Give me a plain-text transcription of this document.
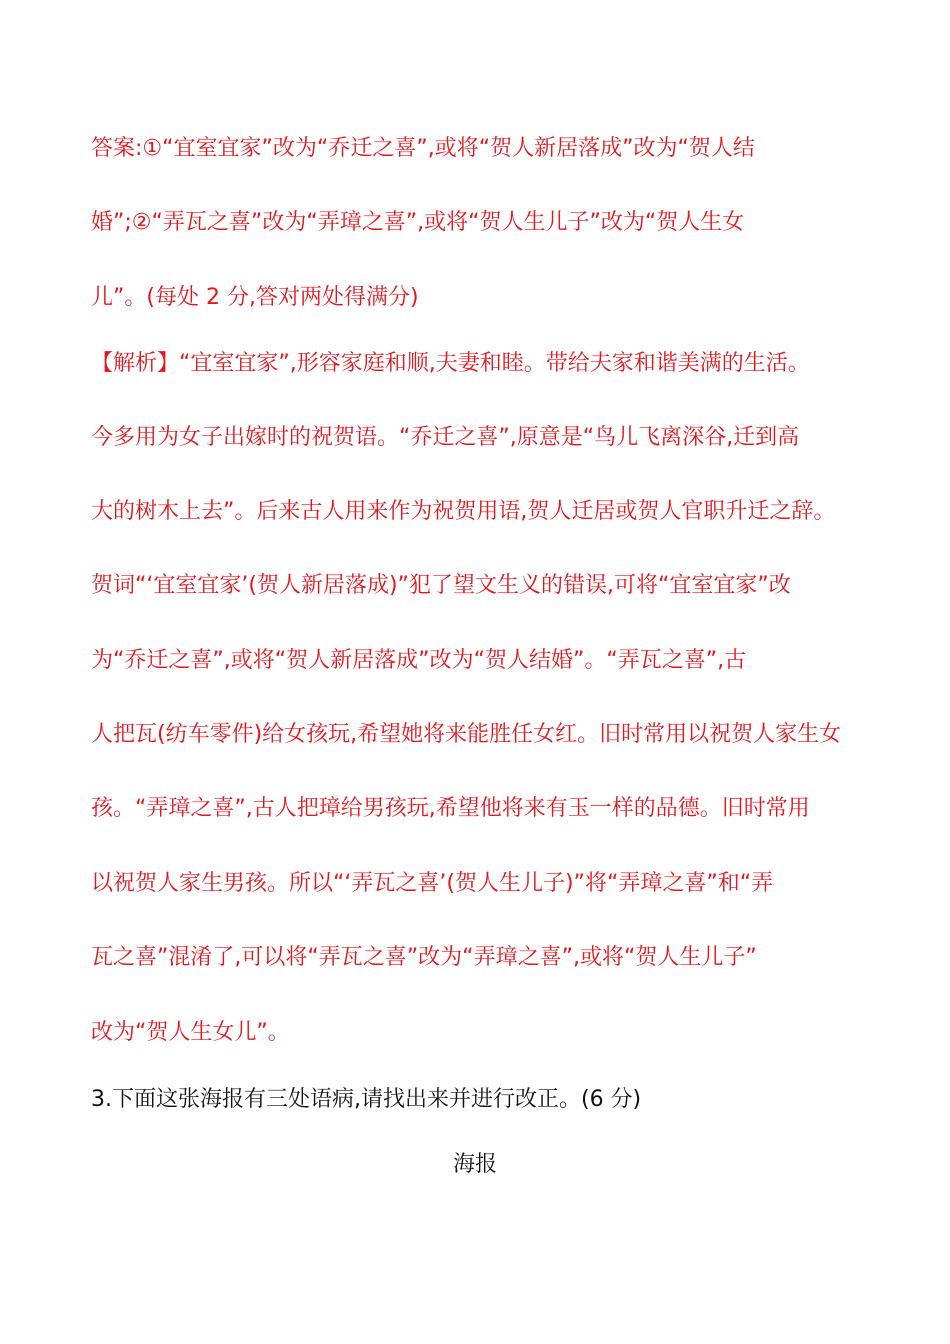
答案:①“宜室宜家”改为“乔迁之喜”,或将“贺人新居落成”改为“贺人结
婚”;②“弄瓦之喜”改为“弄璋之喜”,或将“贺人生儿子”改为“贺人生女
儿”。(每处 2 分,答对两处得满分)
【解析】“宜室宜家”,形容家庭和顺,夫妻和睦。带给夫家和谐美满的生活。
今多用为女子出嫁时的祝贺语。“乔迁之喜”,原意是“鸟儿飞离深谷,迁到高
大的树木上去”。后来古人用来作为祝贺用语,贺人迁居或贺人官职升迁之辞。
贺词“‘宜室宜家’(贺人新居落成)”犯了望文生义的错误,可将“宜室宜家”改
为“乔迁之喜”,或将“贺人新居落成”改为“贺人结婚”。“弄瓦之喜”,古
人把瓦(纺车零件)给女孩玩,希望她将来能胜任女红。旧时常用以祝贺人家生女
孩。“弄璋之喜”,古人把璋给男孩玩,希望他将来有玉一样的品德。旧时常用
以祝贺人家生男孩。所以“‘弄瓦之喜’(贺人生儿子)”将“弄璋之喜”和“弄
瓦之喜”混淆了,可以将“弄瓦之喜”改为“弄璋之喜”,或将“贺人生儿子”
改为“贺人生女儿”。
3.下面这张海报有三处语病,请找出来并进行改正。(6 分)
海报
